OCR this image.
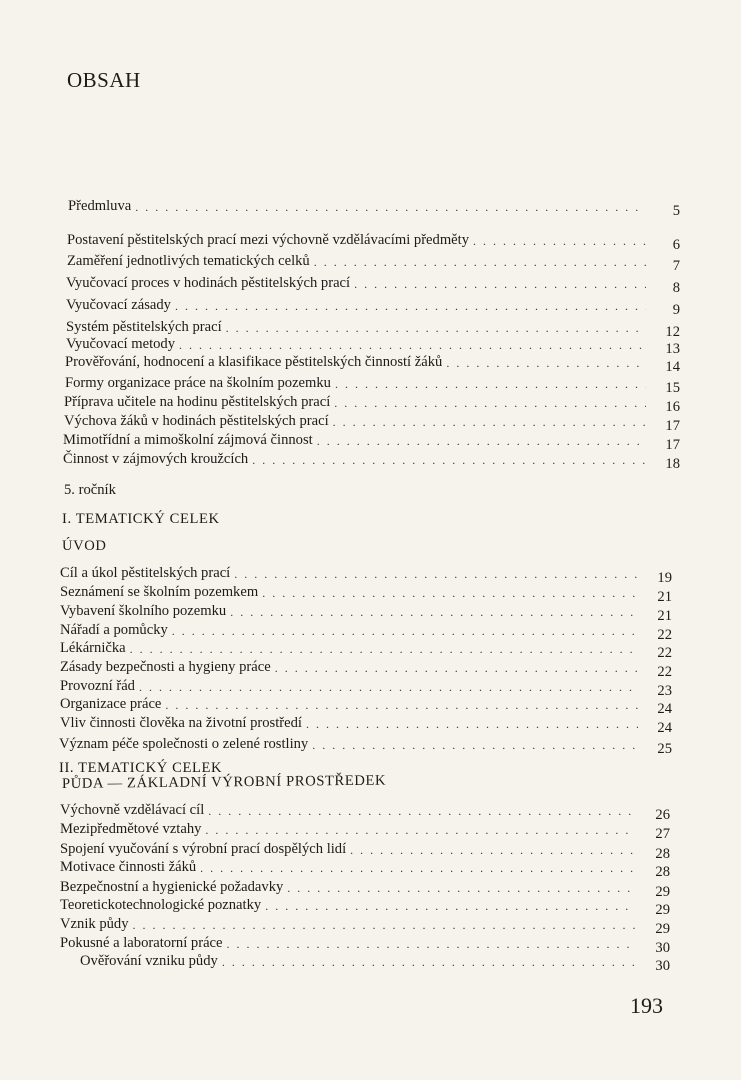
OBSAH
Předmluva . . .	5
Postavení pěstitelských prací mezi výchovně vzdělávacími předměty . . .	6
Zaměření jednotlivých tematických celků . . .	7
Vyučovací proces v hodinách pěstitelských prací . . .	8
Vyučovací zásady . . .	9
Systém pěstitelských prací . . .	12
Vyučovací metody . . .	13
Prověřování, hodnocení a klasifikace pěstitelských činností žáků . . .	14
Formy organizace práce na školním pozemku . . .	15
Příprava učitele na hodinu pěstitelských prací . . .	16
Výchova žáků v hodinách pěstitelských prací . . .	17
Mimotřídní a mimoškolní zájmová činnost . . .	17
Činnost v zájmových kroužcích . . .	18
5. ročník
I. TEMATICKÝ CELEK
ÚVOD
Cíl a úkol pěstitelských prací . . .	19
Seznámení se školním pozemkem . . .	21
Vybavení školního pozemku . . .	21
Nářadí a pomůcky . . .	22
Lékárnička . . .	22
Zásady bezpečnosti a hygieny práce . . .	22
Provozní řád . . .	23
Organizace práce . . .	24
Vliv činnosti člověka na životní prostředí . . .	24
Význam péče společnosti o zelené rostliny . . .	25
II. TEMATICKÝ CELEK
PŮDA — ZÁKLADNÍ VÝROBNÍ PROSTŘEDEK
Výchovně vzdělávací cíl . . .	26
Mezipředmětové vztahy . . .	27
Spojení vyučování s výrobní prací dospělých lidí . . .	28
Motivace činnosti žáků . . .	28
Bezpečnostní a hygienické požadavky . . .	29
Teoretickotechnologické poznatky . . .	29
Vznik půdy . . .	29
Pokusné a laboratorní práce . . .	30
Ověřování vzniku půdy . . .	30
193
